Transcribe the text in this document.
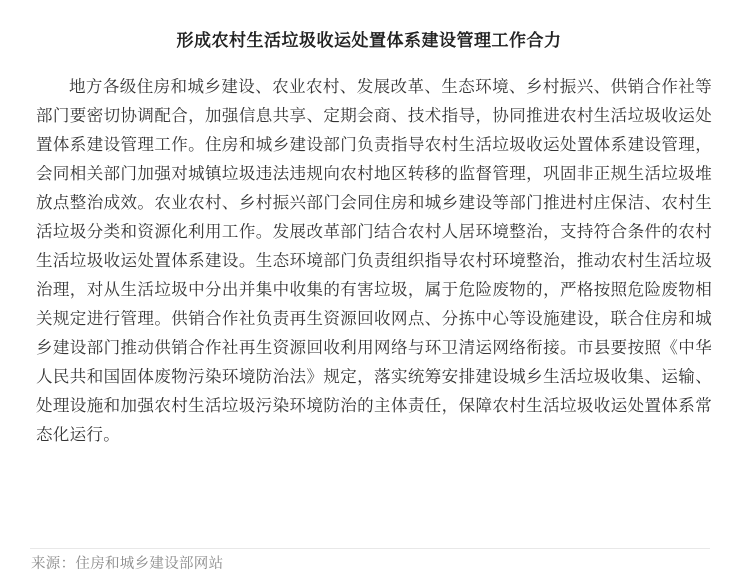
形成农村生活垃圾收运处置体系建设管理工作合力

地方各级住房和城乡建设、农业农村、发展改革、生态环境、乡村振兴、供销合作社等部门要密切协调配合，加强信息共享、定期会商、技术指导，协同推进农村生活垃圾收运处置体系建设管理工作。住房和城乡建设部门负责指导农村生活垃圾收运处置体系建设管理，会同相关部门加强对城镇垃圾违法违规向农村地区转移的监督管理，巩固非正规生活垃圾堆放点整治成效。农业农村、乡村振兴部门会同住房和城乡建设等部门推进村庄保洁、农村生活垃圾分类和资源化利用工作。发展改革部门结合农村人居环境整治，支持符合条件的农村生活垃圾收运处置体系建设。生态环境部门负责组织指导农村环境整治，推动农村生活垃圾治理，对从生活垃圾中分出并集中收集的有害垃圾，属于危险废物的，严格按照危险废物相关规定进行管理。供销合作社负责再生资源回收网点、分拣中心等设施建设，联合住房和城乡建设部门推动供销合作社再生资源回收利用网络与环卫清运网络衔接。市县要按照《中华人民共和国固体废物污染环境防治法》规定，落实统筹安排建设城乡生活垃圾收集、运输、处理设施和加强农村生活垃圾污染环境防治的主体责任，保障农村生活垃圾收运处置体系常态化运行。

来源：住房和城乡建设部网站
